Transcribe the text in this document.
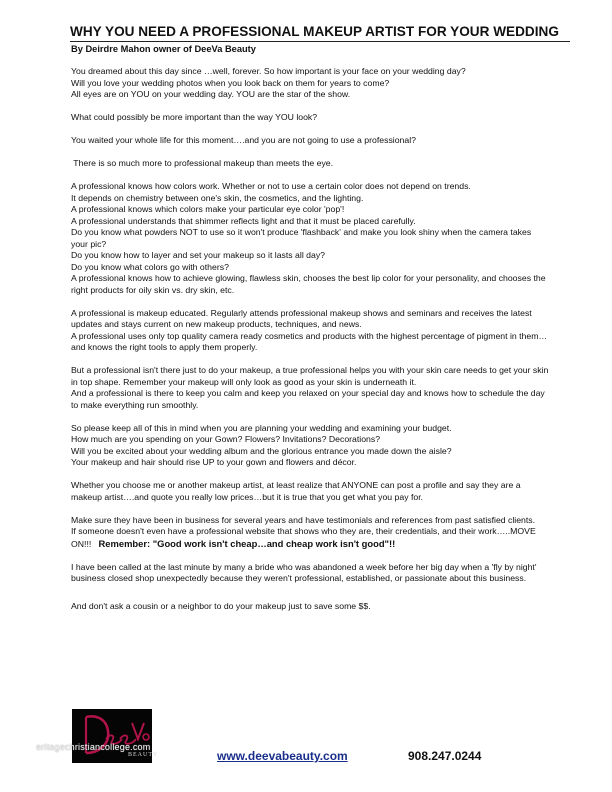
WHY YOU NEED A PROFESSIONAL MAKEUP ARTIST FOR YOUR WEDDING
By Deirdre Mahon owner of DeeVa Beauty

You dreamed about this day since …well, forever. So how important is your face on your wedding day?
Will you love your wedding photos when you look back on them for years to come?
All eyes are on YOU on your wedding day. YOU are the star of the show.

What could possibly be more important than the way YOU look?

You waited your whole life for this moment….and you are not going to use a professional?

There is so much more to professional makeup than meets the eye.

A professional knows how colors work. Whether or not to use a certain color does not depend on trends.
It depends on chemistry between one's skin, the cosmetics, and the lighting.
A professional knows which colors make your particular eye color 'pop'!
A professional understands that shimmer reflects light and that it must be placed carefully.
Do you know what powders NOT to use so it won't produce 'flashback' and make you look shiny when the camera takes your pic?
Do you know how to layer and set your makeup so it lasts all day?
Do you know what colors go with others?
A professional knows how to achieve glowing, flawless skin, chooses the best lip color for your personality, and chooses the right products for oily skin vs. dry skin, etc.

A professional is makeup educated. Regularly attends professional makeup shows and seminars and receives the latest updates and stays current on new makeup products, techniques, and news.
A professional uses only top quality camera ready cosmetics and products with the highest percentage of pigment in them…and knows the right tools to apply them properly.

But a professional isn't there just to do your makeup, a true professional helps you with your skin care needs to get your skin in top shape. Remember your makeup will only look as good as your skin is underneath it.
And a professional is there to keep you calm and keep you relaxed on your special day and knows how to schedule the day to make everything run smoothly.

So please keep all of this in mind when you are planning your wedding and examining your budget.
How much are you spending on your Gown? Flowers? Invitations? Decorations?
Will you be excited about your wedding album and the glorious entrance you made down the aisle?
Your makeup and hair should rise UP to your gown and flowers and décor.

Whether you choose me or another makeup artist, at least realize that ANYONE can post a profile and say they are a makeup artist….and quote you really low prices…but it is true that you get what you pay for.

Make sure they have been in business for several years and have testimonials and references from past satisfied clients.
If someone doesn't even have a professional website that shows who they are, their credentials, and their work…..MOVE ON!!! Remember: "Good work isn't cheap…and cheap work isn't good"!!

I have been called at the last minute by many a bride who was abandoned a week before her big day when a 'fly by night' business closed shop unexpectedly because they weren't professional, established, or passionate about this business.

And don't ask a cousin or a neighbor to do your makeup just to save some $$.

BEAUTY
eritagechristiancollege.com
www.deevabeauty.com	908.247.0244
